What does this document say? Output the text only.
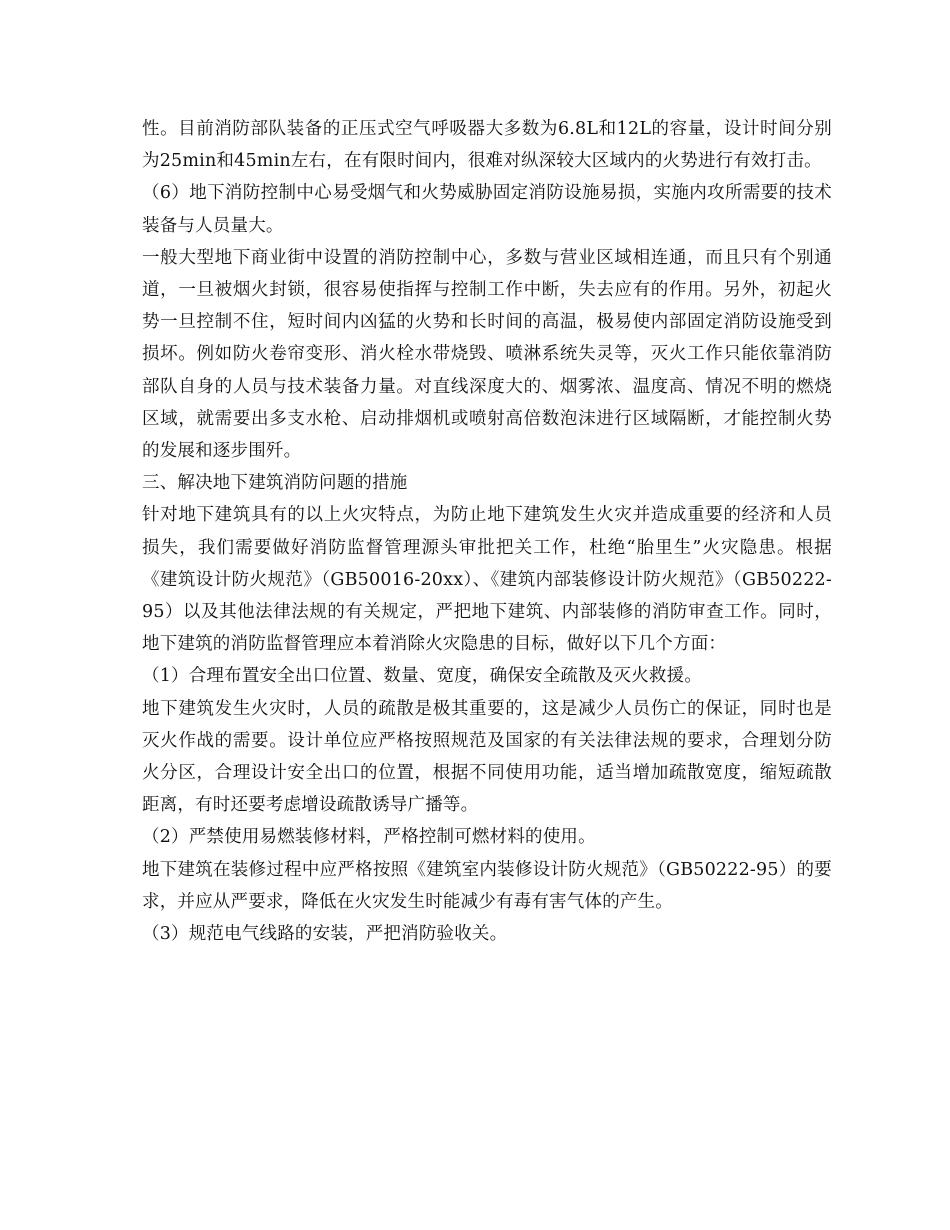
性。目前消防部队装备的正压式空气呼吸器大多数为6.8L和12L的容量，设计时间分别为25min和45min左右，在有限时间内，很难对纵深较大区域内的火势进行有效打击。

（6）地下消防控制中心易受烟气和火势威胁固定消防设施易损，实施内攻所需要的技术装备与人员量大。

一般大型地下商业街中设置的消防控制中心，多数与营业区域相连通，而且只有个别通道，一旦被烟火封锁，很容易使指挥与控制工作中断，失去应有的作用。另外，初起火势一旦控制不住，短时间内凶猛的火势和长时间的高温，极易使内部固定消防设施受到损坏。例如防火卷帘变形、消火栓水带烧毁、喷淋系统失灵等，灭火工作只能依靠消防部队自身的人员与技术装备力量。对直线深度大的、烟雾浓、温度高、情况不明的燃烧区域，就需要出多支水枪、启动排烟机或喷射高倍数泡沫进行区域隔断，才能控制火势的发展和逐步围歼。

三、解决地下建筑消防问题的措施

针对地下建筑具有的以上火灾特点，为防止地下建筑发生火灾并造成重要的经济和人员损失，我们需要做好消防监督管理源头审批把关工作，杜绝“胎里生”火灾隐患。根据《建筑设计防火规范》（GB50016-20xx）、《建筑内部装修设计防火规范》（GB50222-95）以及其他法律法规的有关规定，严把地下建筑、内部装修的消防审查工作。同时，地下建筑的消防监督管理应本着消除火灾隐患的目标，做好以下几个方面：

（1）合理布置安全出口位置、数量、宽度，确保安全疏散及灭火救援。

地下建筑发生火灾时，人员的疏散是极其重要的，这是减少人员伤亡的保证，同时也是灭火作战的需要。设计单位应严格按照规范及国家的有关法律法规的要求，合理划分防火分区，合理设计安全出口的位置，根据不同使用功能，适当增加疏散宽度，缩短疏散距离，有时还要考虑增设疏散诱导广播等。

（2）严禁使用易燃装修材料，严格控制可燃材料的使用。

地下建筑在装修过程中应严格按照《建筑室内装修设计防火规范》（GB50222-95）的要求，并应从严要求，降低在火灾发生时能减少有毒有害气体的产生。

（3）规范电气线路的安装，严把消防验收关。
